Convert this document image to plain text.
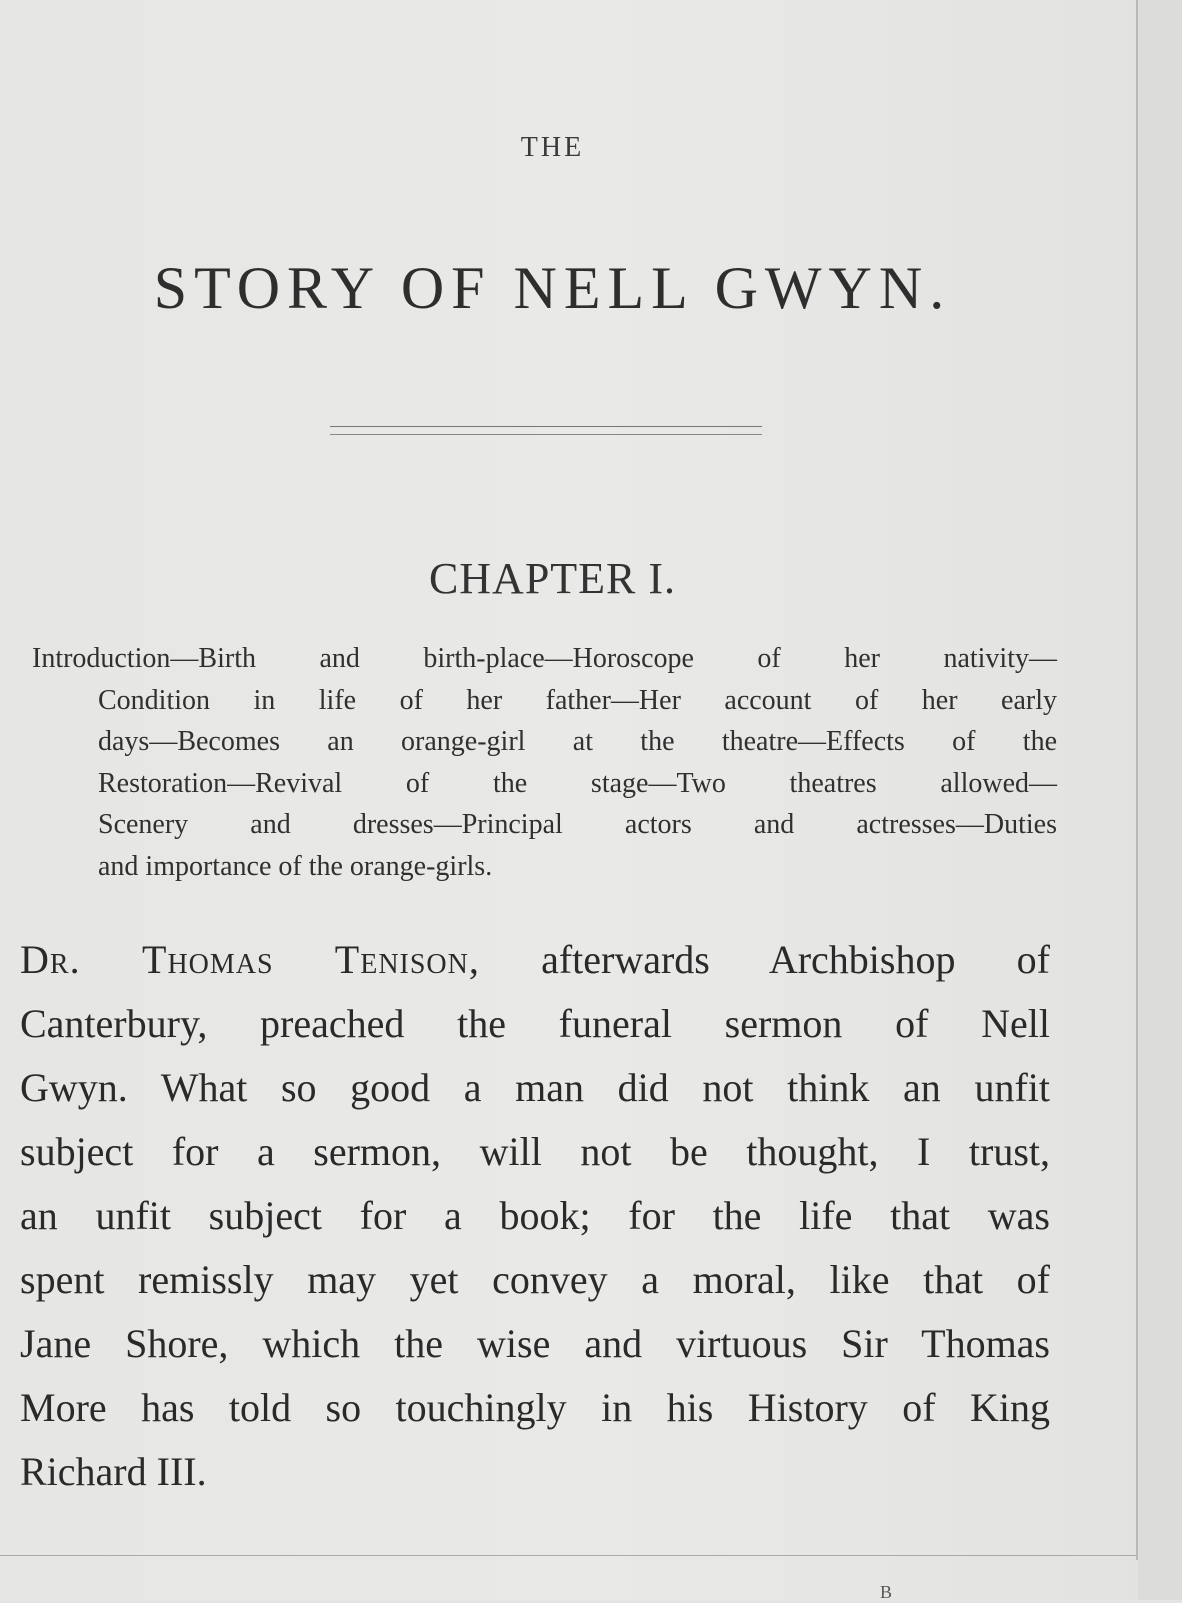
THE
STORY OF NELL GWYN.
CHAPTER I.
Introduction—Birth and birth-place—Horoscope of her nativity—
Condition in life of her father—Her account of her early
days—Becomes an orange-girl at the theatre—Effects of the
Restoration—Revival of the stage—Two theatres allowed—
Scenery and dresses—Principal actors and actresses—Duties
and importance of the orange-girls.
Dr. Thomas Tenison, afterwards Archbishop of
Canterbury, preached the funeral sermon of Nell
Gwyn. What so good a man did not think an unfit
subject for a sermon, will not be thought, I trust,
an unfit subject for a book; for the life that was
spent remissly may yet convey a moral, like that of
Jane Shore, which the wise and virtuous Sir Thomas
More has told so touchingly in his History of King
Richard III.
B
